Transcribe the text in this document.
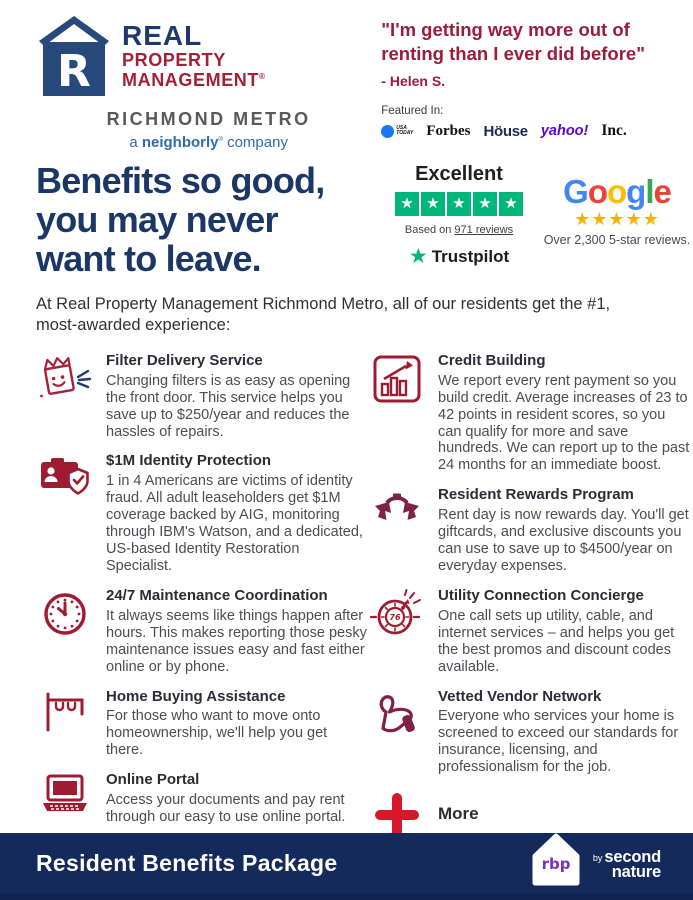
R
REAL
PROPERTY
MANAGEMENT®
RICHMOND METRO
a neighborly® company
"I'm getting way more out of
renting than I ever did before"
- Helen S.
Featured In:
USA
TODAY Forbes Höuse yahoo! Inc.
Benefits so good,
you may never
want to leave.
Excellent
★ ★ ★ ★ ★
Based on 971 reviews
★ Trustpilot
Google
★★★★★
Over 2,300 5-star reviews.
At Real Property Management Richmond Metro, all of our residents get the #1,
most-awarded experience:
Filter Delivery Service
Changing filters is as easy as opening the front door. This service helps you save up to $250/year and reduces the hassles of repairs.
$1M Identity Protection
1 in 4 Americans are victims of identity fraud. All adult leaseholders get $1M coverage backed by AIG, monitoring through IBM's Watson, and a dedicated, US-based Identity Restoration Specialist.
24/7 Maintenance Coordination
It always seems like things happen after hours. This makes reporting those pesky maintenance issues easy and fast either online or by phone.
Home Buying Assistance
For those who want to move onto homeownership, we'll help you get there.
Online Portal
Access your documents and pay rent through our easy to use online portal.
Credit Building
We report every rent payment so you build credit. Average increases of 23 to 42 points in resident scores, so you can qualify for more and save hundreds. We can report up to the past 24 months for an immediate boost.
Resident Rewards Program
Rent day is now rewards day. You'll get giftcards, and exclusive discounts you can use to save up to $4500/year on everyday expenses.
76
Utility Connection Concierge
One call sets up utility, cable, and internet services – and helps you get the best promos and discount codes available.
Vetted Vendor Network
Everyone who services your home is screened to exceed our standards for insurance, licensing, and professionalism for the job.
More
Resident Benefits Package	rbp	by second
nature
